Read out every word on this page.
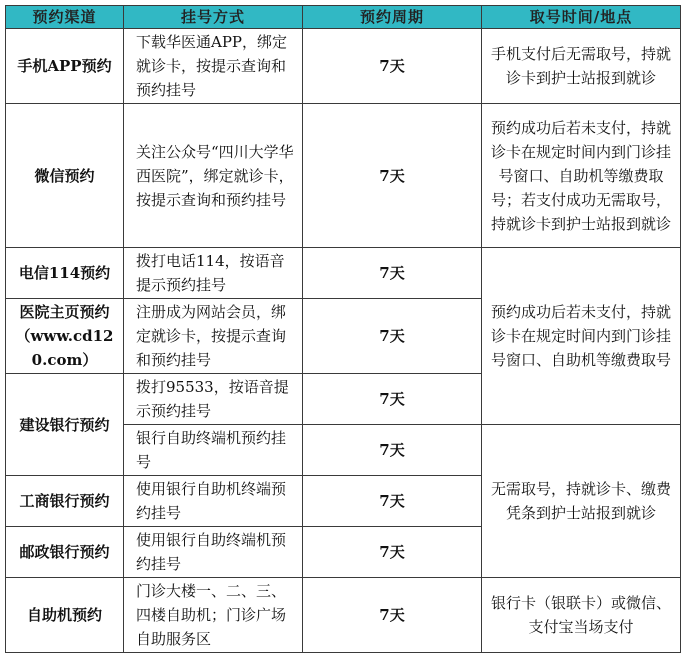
预约渠道	挂号方式	预约周期	取号时间/地点
手机APP预约	下载华医通APP，绑定就诊卡，按提示查询和预约挂号	7天	手机支付后无需取号，持就诊卡到护士站报到就诊
微信预约	关注公众号“四川大学华西医院”，绑定就诊卡，按提示查询和预约挂号	7天	预约成功后若未支付，持就诊卡在规定时间内到门诊挂号窗口、自助机等缴费取号；若支付成功无需取号，持就诊卡到护士站报到就诊
电信114预约	拨打电话114，按语音提示预约挂号	7天	预约成功后若未支付，持就诊卡在规定时间内到门诊挂号窗口、自助机等缴费取号
医院主页预约（www.cd120.com）	注册成为网站会员，绑定就诊卡，按提示查询和预约挂号	7天	
建设银行预约	拨打95533，按语音提示预约挂号	7天	
	银行自助终端机预约挂号	7天	无需取号，持就诊卡、缴费凭条到护士站报到就诊
工商银行预约	使用银行自助机终端预约挂号	7天	
邮政银行预约	使用银行自助终端机预约挂号	7天	
自助机预约	门诊大楼一、二、三、四楼自助机；门诊广场自助服务区	7天	银行卡（银联卡）或微信、支付宝当场支付
